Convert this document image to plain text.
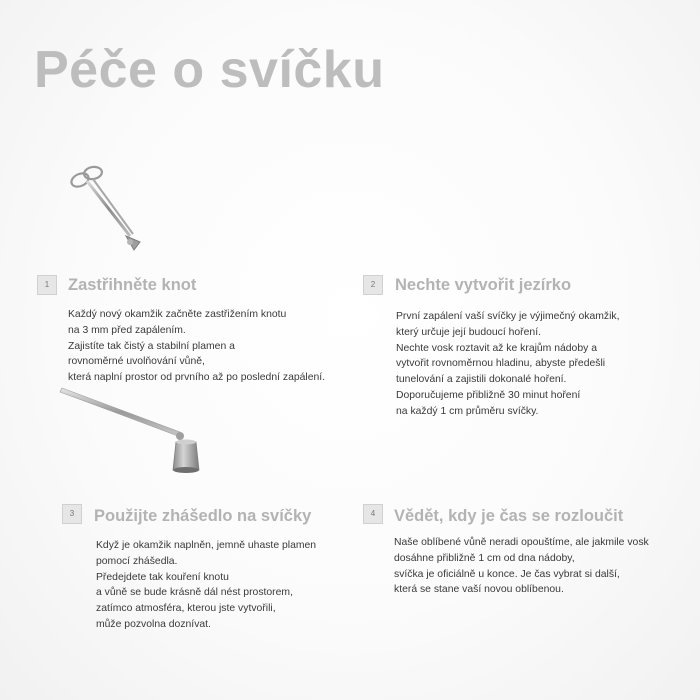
Péče o svíčku
1	Zastřihněte knot
Každý nový okamžik začněte zastřižením knotu
na 3 mm před zapálením.
Zajistíte tak čistý a stabilní plamen a
rovnoměrné uvolňování vůně,
která naplní prostor od prvního až po poslední zapálení.
2	Nechte vytvořit jezírko
První zapálení vaší svíčky je výjimečný okamžik,
který určuje její budoucí hoření.
Nechte vosk roztavit až ke krajům nádoby a
vytvořit rovnoměrnou hladinu, abyste předešli
tunelování a zajistili dokonalé hoření.
Doporučujeme přibližně 30 minut hoření
na každý 1 cm průměru svíčky.
3	Použijte zhášedlo na svíčky
Když je okamžik naplněn, jemně uhaste plamen
pomocí zhášedla.
Předejdete tak kouření knotu
a vůně se bude krásně dál nést prostorem,
zatímco atmosféra, kterou jste vytvořili,
může pozvolna doznívat.
4	Vědět, kdy je čas se rozloučit
Naše oblíbené vůně neradi opouštíme, ale jakmile vosk
dosáhne přibližně 1 cm od dna nádoby,
svíčka je oficiálně u konce. Je čas vybrat si další,
která se stane vaší novou oblíbenou.
